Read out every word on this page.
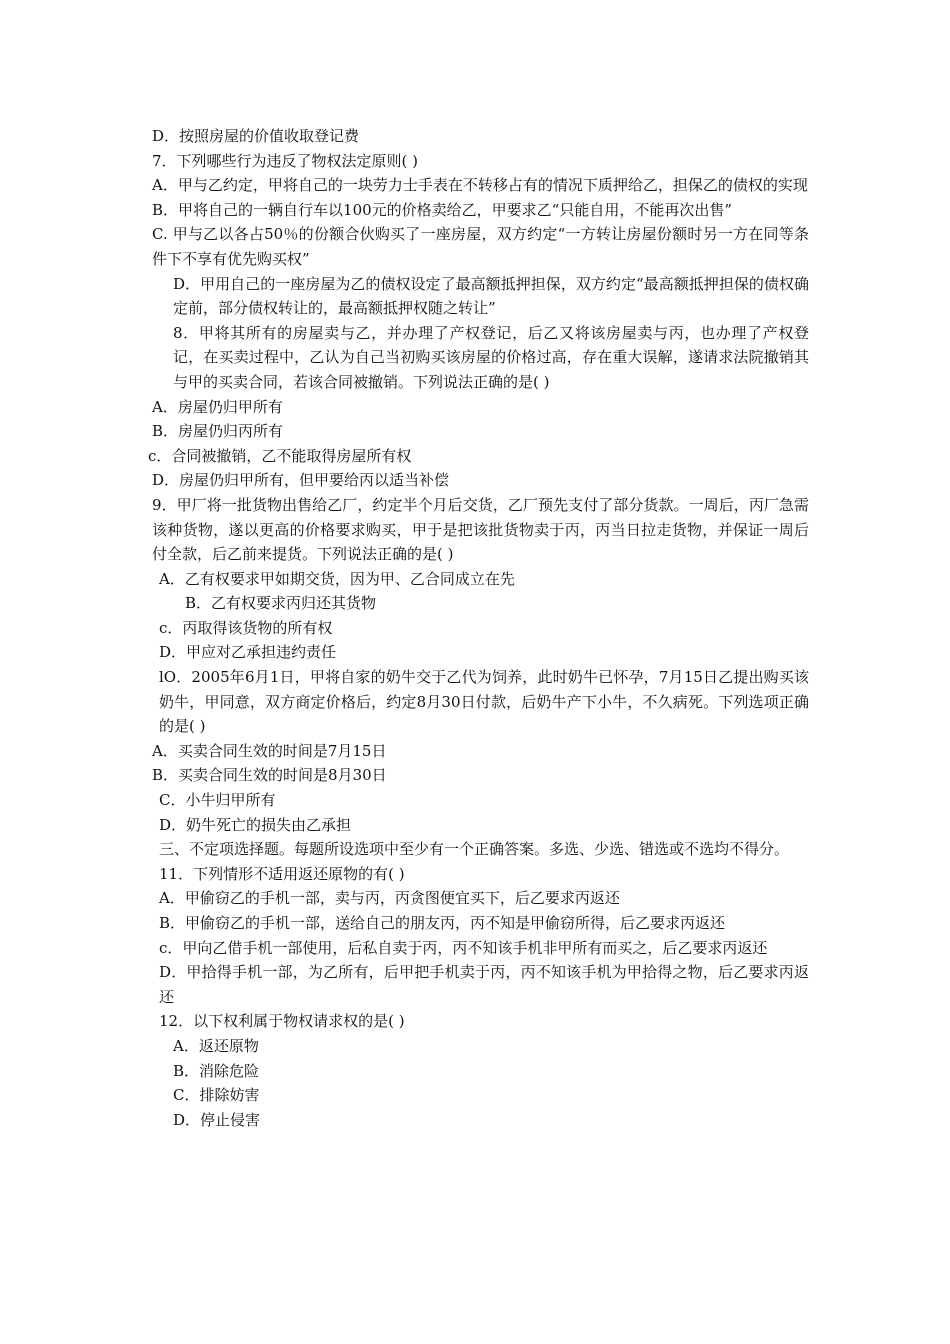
D．按照房屋的价值收取登记费
7．下列哪些行为违反了物权法定原则( )
A．甲与乙约定，甲将自己的一块劳力士手表在不转移占有的情况下质押给乙，担保乙的债权的实现
B．甲将自己的一辆自行车以100元的价格卖给乙，甲要求乙“只能自用，不能再次出售”
C. 甲与乙以各占50％的份额合伙购买了一座房屋，双方约定“一方转让房屋份额时另一方在同等条件下不享有优先购买权”
D．甲用自己的一座房屋为乙的债权设定了最高额抵押担保，双方约定“最高额抵押担保的债权确定前，部分债权转让的，最高额抵押权随之转让”
8．甲将其所有的房屋卖与乙，并办理了产权登记，后乙又将该房屋卖与丙，也办理了产权登记，在买卖过程中，乙认为自己当初购买该房屋的价格过高，存在重大误解，遂请求法院撤销其与甲的买卖合同，若该合同被撤销。下列说法正确的是( )
A．房屋仍归甲所有
B．房屋仍归丙所有
c．合同被撤销，乙不能取得房屋所有权
D．房屋仍归甲所有，但甲要给丙以适当补偿
9．甲厂将一批货物出售给乙厂，约定半个月后交货，乙厂预先支付了部分货款。一周后，丙厂急需该种货物，遂以更高的价格要求购买，甲于是把该批货物卖于丙，丙当日拉走货物，并保证一周后付全款，后乙前来提货。下列说法正确的是( )
A．乙有权要求甲如期交货，因为甲、乙合同成立在先
B．乙有权要求丙归还其货物
c．丙取得该货物的所有权
D．甲应对乙承担违约责任
lO．2005年6月1日，甲将自家的奶牛交于乙代为饲养，此时奶牛已怀孕，7月15日乙提出购买该奶牛，甲同意，双方商定价格后，约定8月30日付款，后奶牛产下小牛，不久病死。下列选项正确的是( )
A．买卖合同生效的时间是7月15日
B．买卖合同生效的时间是8月30日
C．小牛归甲所有
D．奶牛死亡的损失由乙承担
三、不定项选择题。每题所设选项中至少有一个正确答案。多选、少选、错选或不选均不得分。
11．下列情形不适用返还原物的有( )
A．甲偷窃乙的手机一部，卖与丙，丙贪图便宜买下，后乙要求丙返还
B．甲偷窃乙的手机一部，送给自己的朋友丙，丙不知是甲偷窃所得，后乙要求丙返还
c．甲向乙借手机一部使用，后私自卖于丙，丙不知该手机非甲所有而买之，后乙要求丙返还
D．甲拾得手机一部，为乙所有，后甲把手机卖于丙，丙不知该手机为甲拾得之物，后乙要求丙返还
12．以下权利属于物权请求权的是( )
A．返还原物
B．消除危险
C．排除妨害
D．停止侵害
